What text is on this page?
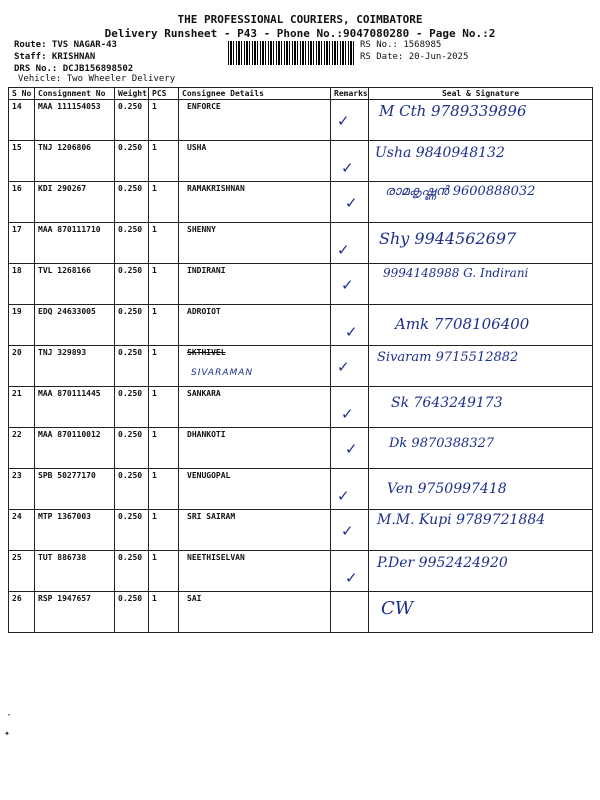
THE PROFESSIONAL COURIERS, COIMBATORE
Delivery Runsheet - P43 - Phone No.:9047080280 - Page No.:2
Route: TVS NAGAR-43
Staff: KRISHNAN
DRS No.: DCJB156898502
Vehicle: Two Wheeler Delivery
RS No.: 1568985
RS Date: 20-Jun-2025
S No	Consignment No	Weight	PCS	Consignee Details	Remarks	Seal & Signature
14	MAA 111154053	0.250	1	ENFORCE	✓	M Cth 9789339896

15	TNJ 1206806	0.250	1	USHA	✓	Usha 9840948132

16	KDI 290267	0.250	1	RAMAKRISHNAN	✓	രാമകൃഷ്ണൻ 9600888032

17	MAA 870111710	0.250	1	SHENNY	✓	Shy 9944562697

18	TVL 1268166	0.250	1	INDIRANI	✓	9994148988 G. Indirani

19	EDQ 24633005	0.250	1	ADROIOT	✓	Amk 7708106400

20	TNJ 329893	0.250	1	SKTHIVEL
SIVARAMAN	✓	Sivaram 9715512882

21	MAA 870111445	0.250	1	SANKARA	✓	Sk 7643249173

22	MAA 870110012	0.250	1	DHANKOTI	✓	Dk 9870388327

23	SPB 50277170	0.250	1	VENUGOPAL	✓	Ven 9750997418

24	MTP 1367003	0.250	1	SRI SAIRAM	✓	M.M. Kupi 9789721884

25	TUT 886738	0.250	1	NEETHISELVAN	✓	P.Der 9952424920

26	RSP 1947657	0.250	1	SAI		CW
·
✦
